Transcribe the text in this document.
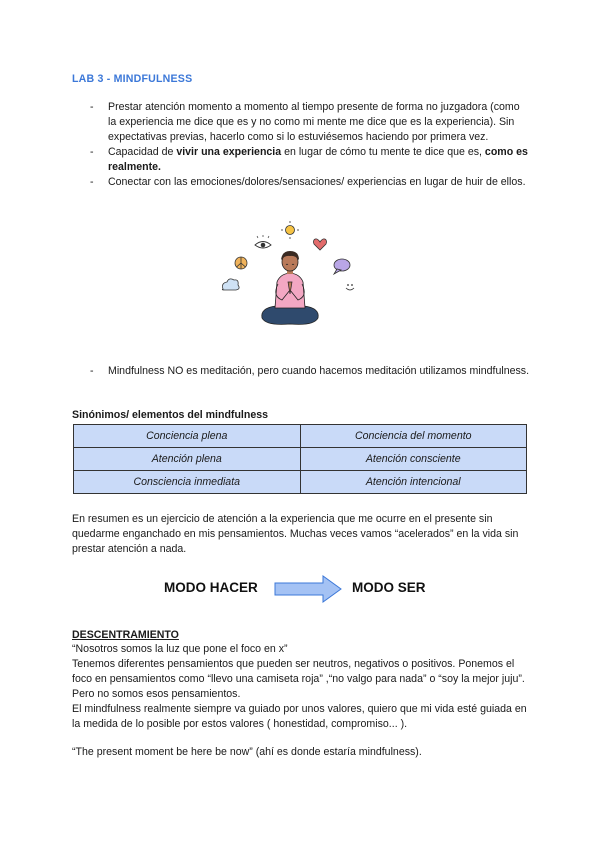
LAB 3 - MINDFULNESS
- Prestar atención momento a momento al tiempo presente de forma no juzgadora (como la experiencia me dice que es y no como mi mente me dice que es la experiencia). Sin expectativas previas, hacerlo como si lo estuviésemos haciendo por primera vez.
- Capacidad de vivir una experiencia en lugar de cómo tu mente te dice que es, como es realmente.
- Conectar con las emociones/dolores/sensaciones/ experiencias en lugar de huir de ellos.
- Mindfulness NO es meditación, pero cuando hacemos meditación utilizamos mindfulness.
Sinónimos/ elementos del mindfulness
Conciencia plena	Conciencia del momento
Atención plena	Atención consciente
Consciencia inmediata	Atención intencional
En resumen es un ejercicio de atención a la experiencia que me ocurre en el presente sin quedarme enganchado en mis pensamientos. Muchas veces vamos “acelerados” en la vida sin prestar atención a nada.
MODO HACER	MODO SER
DESCENTRAMIENTO
“Nosotros somos la luz que pone el foco en x”
Tenemos diferentes pensamientos que pueden ser neutros, negativos o positivos. Ponemos el foco en pensamientos como “llevo una camiseta roja” ,“no valgo para nada” o “soy la mejor juju”. Pero no somos esos pensamientos.
El mindfulness realmente siempre va guiado por unos valores, quiero que mi vida esté guiada en la medida de lo posible por estos valores ( honestidad, compromiso... ).
“The present moment be here be now” (ahí es donde estaría mindfulness).
